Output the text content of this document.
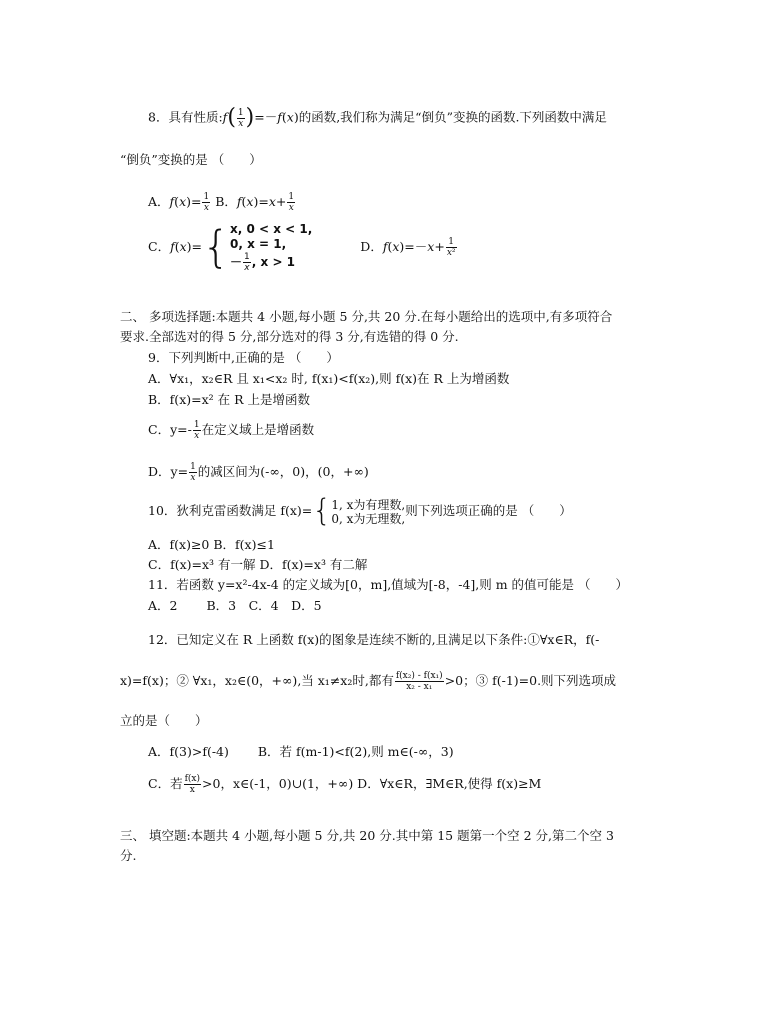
8．具有性质:f( $\frac{1}{x} )=-f(x)$的函数,我们称为满足“倒负”变换的函数.下列函数中满足
“倒负”变换的是 （　　）
A．$f(x)= \frac{1}{x}$ B．$f(x)=x+ \frac{1}{x}$
C．f(x)={ x, 0 < x < 1,
0, x = 1,
－ $\frac{1}{x}$ , x > 1
D．$f(x)=-x+ \frac{1}{\text{x²}}$
二、 多项选择题:本题共 4 小题,每小题 5 分,共 20 分.在每小题给出的选项中,有多项符合
要求.全部选对的得 5 分,部分选对的得 3 分,有选错的得 0 分.
9．下列判断中,正确的是 （　　）
A．∀x₁，x₂∈R 且 x₁<x₂ 时, f(x₁)<f(x₂),则 f(x)在 R 上为增函数
B．f(x)=x² 在 R 上是增函数
C．$y=- \frac{1}{x}$ 在定义域上是增函数
D．$y= \frac{1}{x}$ 的减区间为(-∞，0)，(0，+∞)
10．狄利克雷函数满足 f(x)={ 1, x为有理数,
0, x为无理数,
则下列选项正确的是 （　　）
A．f(x)≥0 B．f(x)≤1
C．f(x)=x³ 有一解 D．f(x)=x³ 有二解
11．若函数 y=x²-4x-4 的定义域为[0，m],值域为[-8，-4],则 m 的值可能是 （　　）
A．2　　 B．3　C．4　D．5
12．已知定义在 R 上函数 f(x)的图象是连续不断的,且满足以下条件:①∀x∈R，f(-
x)=f(x)；② ∀x₁，x₂∈(0，+∞),当 x₁≠x₂时,都有 $\frac{\text{f(x₂) - f(x₁)}}{\text{x₂ - x₁}} >0$；③ f(-1)=0.则下列选项成
立的是（　　）
A．f(3)>f(-4)　　 B．若 f(m-1)<f(2),则 m∈(-∞，3)
C．若 $\frac{f(x)}{x} >0$，x∈(-1，0)∪(1，+∞) D．∀x∈R，∃M∈R,使得 f(x)≥M
三、 填空题:本题共 4 小题,每小题 5 分,共 20 分.其中第 15 题第一个空 2 分,第二个空 3
分.
